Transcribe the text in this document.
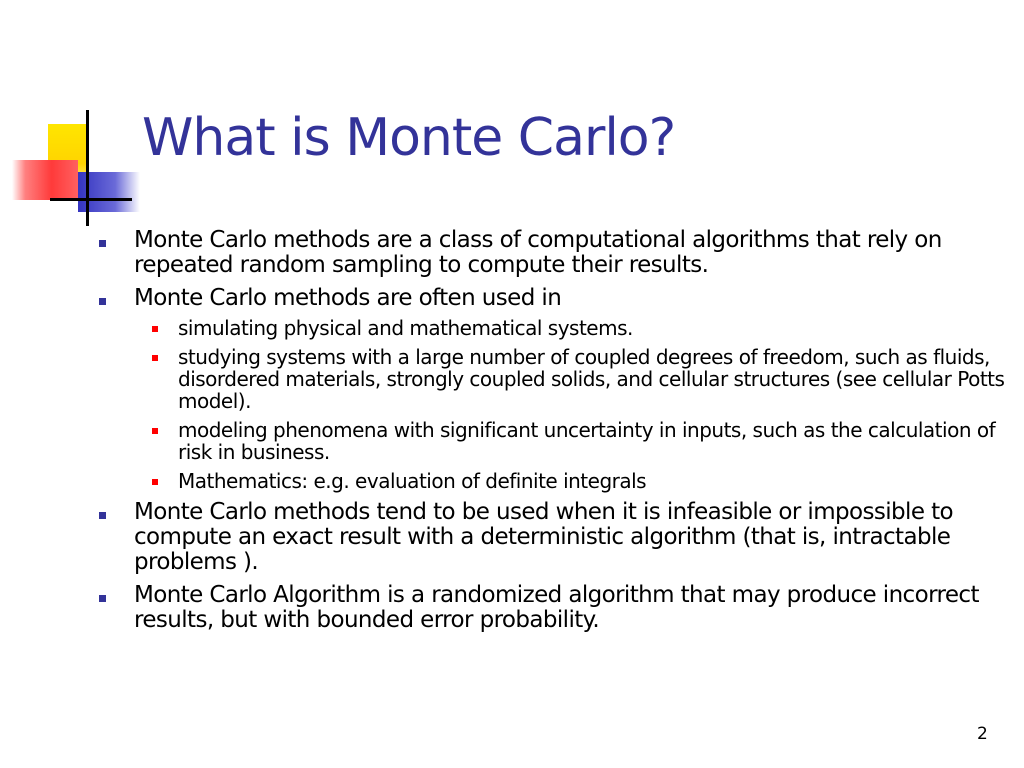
What is Monte Carlo?
Monte Carlo methods are a class of computational algorithms that rely on repeated random sampling to compute their results.
Monte Carlo methods are often used in
simulating physical and mathematical systems.
studying systems with a large number of coupled degrees of freedom, such as fluids, disordered materials, strongly coupled solids, and cellular structures (see cellular Potts model).
modeling phenomena with significant uncertainty in inputs, such as the calculation of risk in business.
Mathematics: e.g. evaluation of definite integrals
Monte Carlo methods tend to be used when it is infeasible or impossible to compute an exact result with a deterministic algorithm (that is, intractable problems ).
Monte Carlo Algorithm is a randomized algorithm that may produce incorrect results, but with bounded error probability.
2
